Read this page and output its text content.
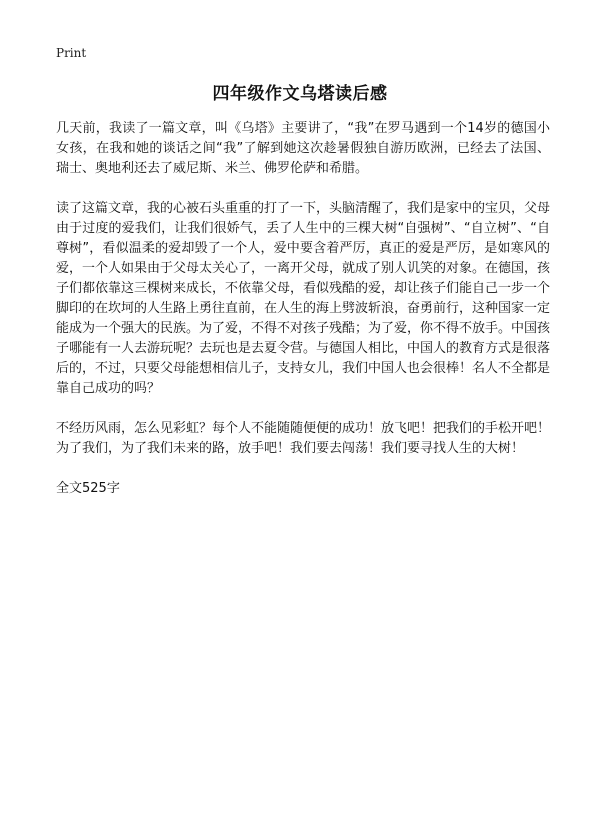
Print
四年级作文乌塔读后感

几天前，我读了一篇文章，叫《乌塔》主要讲了，“我”在罗马遇到一个14岁的德国小女孩，在我和她的谈话之间“我”了解到她这次趁暑假独自游历欧洲，已经去了法国、瑞士、奥地利还去了威尼斯、米兰、佛罗伦萨和希腊。

读了这篇文章，我的心被石头重重的打了一下，头脑清醒了，我们是家中的宝贝，父母由于过度的爱我们，让我们很娇气，丢了人生中的三棵大树“自强树”、“自立树”、“自尊树”，看似温柔的爱却毁了一个人，爱中要含着严厉，真正的爱是严厉，是如寒风的爱，一个人如果由于父母太关心了，一离开父母，就成了别人讥笑的对象。在德国，孩子们都依靠这三棵树来成长，不依靠父母，看似残酷的爱，却让孩子们能自己一步一个脚印的在坎坷的人生路上勇往直前，在人生的海上劈波斩浪，奋勇前行，这种国家一定能成为一个强大的民族。为了爱，不得不对孩子残酷；为了爱，你不得不放手。中国孩子哪能有一人去游玩呢？去玩也是去夏令营。与德国人相比，中国人的教育方式是很落后的，不过，只要父母能想相信儿子，支持女儿，我们中国人也会很棒！名人不全都是靠自己成功的吗？

不经历风雨，怎么见彩虹？每个人不能随随便便的成功！放飞吧！把我们的手松开吧！为了我们，为了我们未来的路，放手吧！我们要去闯荡！我们要寻找人生的大树！

全文525字
